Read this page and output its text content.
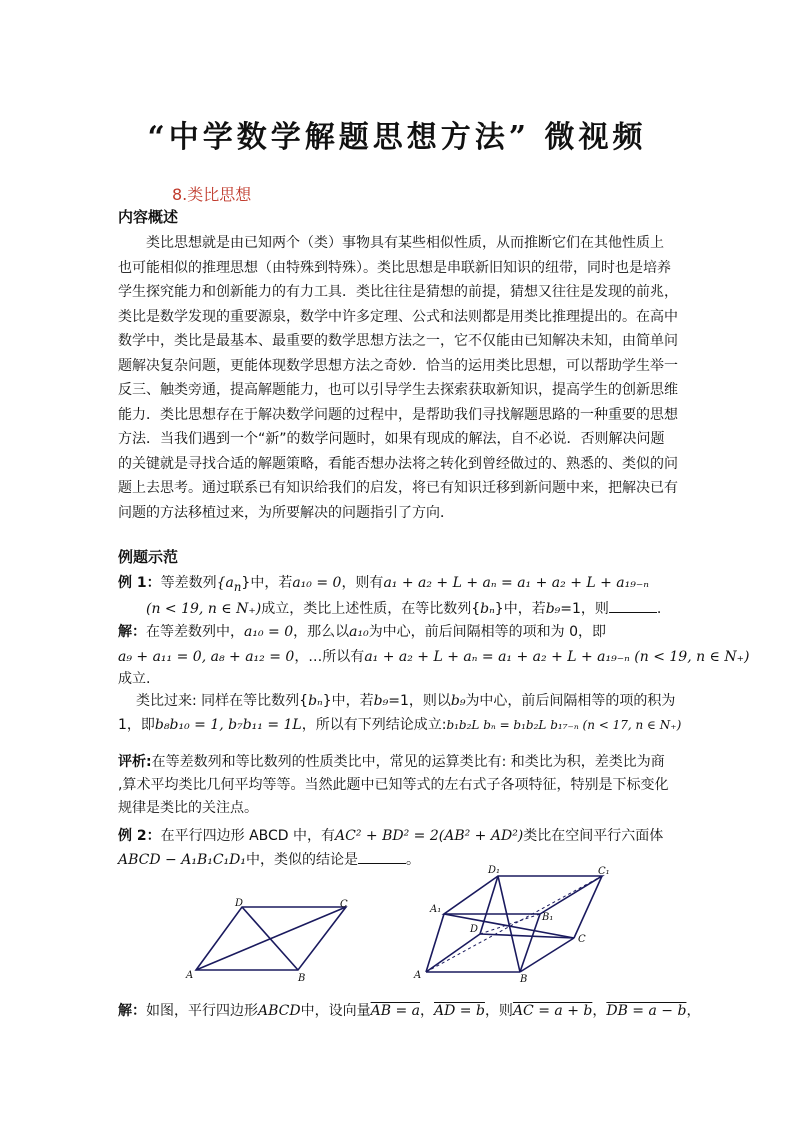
“中学数学解题思想方法” 微视频
8.类比思想
内容概述
类比思想就是由已知两个（类）事物具有某些相似性质，从而推断它们在其他性质上
也可能相似的推理思想（由特殊到特殊）。类比思想是串联新旧知识的纽带，同时也是培养
学生探究能力和创新能力的有力工具．类比往往是猜想的前提，猜想又往往是发现的前兆，
类比是数学发现的重要源泉，数学中许多定理、公式和法则都是用类比推理提出的。在高中
数学中，类比是最基本、最重要的数学思想方法之一，它不仅能由已知解决未知，由简单问
题解决复杂问题，更能体现数学思想方法之奇妙．恰当的运用类比思想，可以帮助学生举一
反三、触类旁通，提高解题能力，也可以引导学生去探索获取新知识，提高学生的创新思维
能力．类比思想存在于解决数学问题的过程中，是帮助我们寻找解题思路的一种重要的思想
方法．当我们遇到一个“新”的数学问题时，如果有现成的解法，自不必说．否则解决问题
的关键就是寻找合适的解题策略，看能否想办法将之转化到曾经做过的、熟悉的、类似的问
题上去思考。通过联系已有知识给我们的启发，将已有知识迁移到新问题中来，把解决已有
问题的方法移植过来，为所要解决的问题指引了方向．
例题示范
例 1：等差数列$\{a_n\}$中，若a₁₀ = 0，则有a₁ + a₂ + L + aₙ = a₁ + a₂ + L + a₁₉₋ₙ
(n < 19, n ∈ N₊)成立，类比上述性质，在等比数列{bₙ}中，若b₉=1，则	.
解：在等差数列中，a₁₀ = 0，那么以a₁₀为中心，前后间隔相等的项和为 0，即
a₉ + a₁₁ = 0, a₈ + a₁₂ = 0，…所以有a₁ + a₂ + L + aₙ = a₁ + a₂ + L + a₁₉₋ₙ (n < 19, n ∈ N₊)
成立.
类比过来: 同样在等比数列{bₙ}中，若b₉=1，则以b₉为中心，前后间隔相等的项的积为
1，即b₈b₁₀ = 1, b₇b₁₁ = 1L，所以有下列结论成立:b₁b₂L bₙ = b₁b₂L b₁₇₋ₙ (n < 17, n ∈ N₊)
评析:在等差数列和等比数列的性质类比中，常见的运算类比有: 和类比为积，差类比为商
,算术平均类比几何平均等等。当然此题中已知等式的左右式子各项特征，特别是下标变化
规律是类比的关注点。
例 2：在平行四边形 ABCD 中，有AC² + BD² = 2(AB² + AD²)类比在空间平行六面体
ABCD − A₁B₁C₁D₁中，类似的结论是	。
A	B
C
D
A	B
C
D
A₁
B₁
C₁
D₁
解：如图，平行四边形ABCD中，设向量AB = a，AD = b，则AC = a + b，DB = a − b，
